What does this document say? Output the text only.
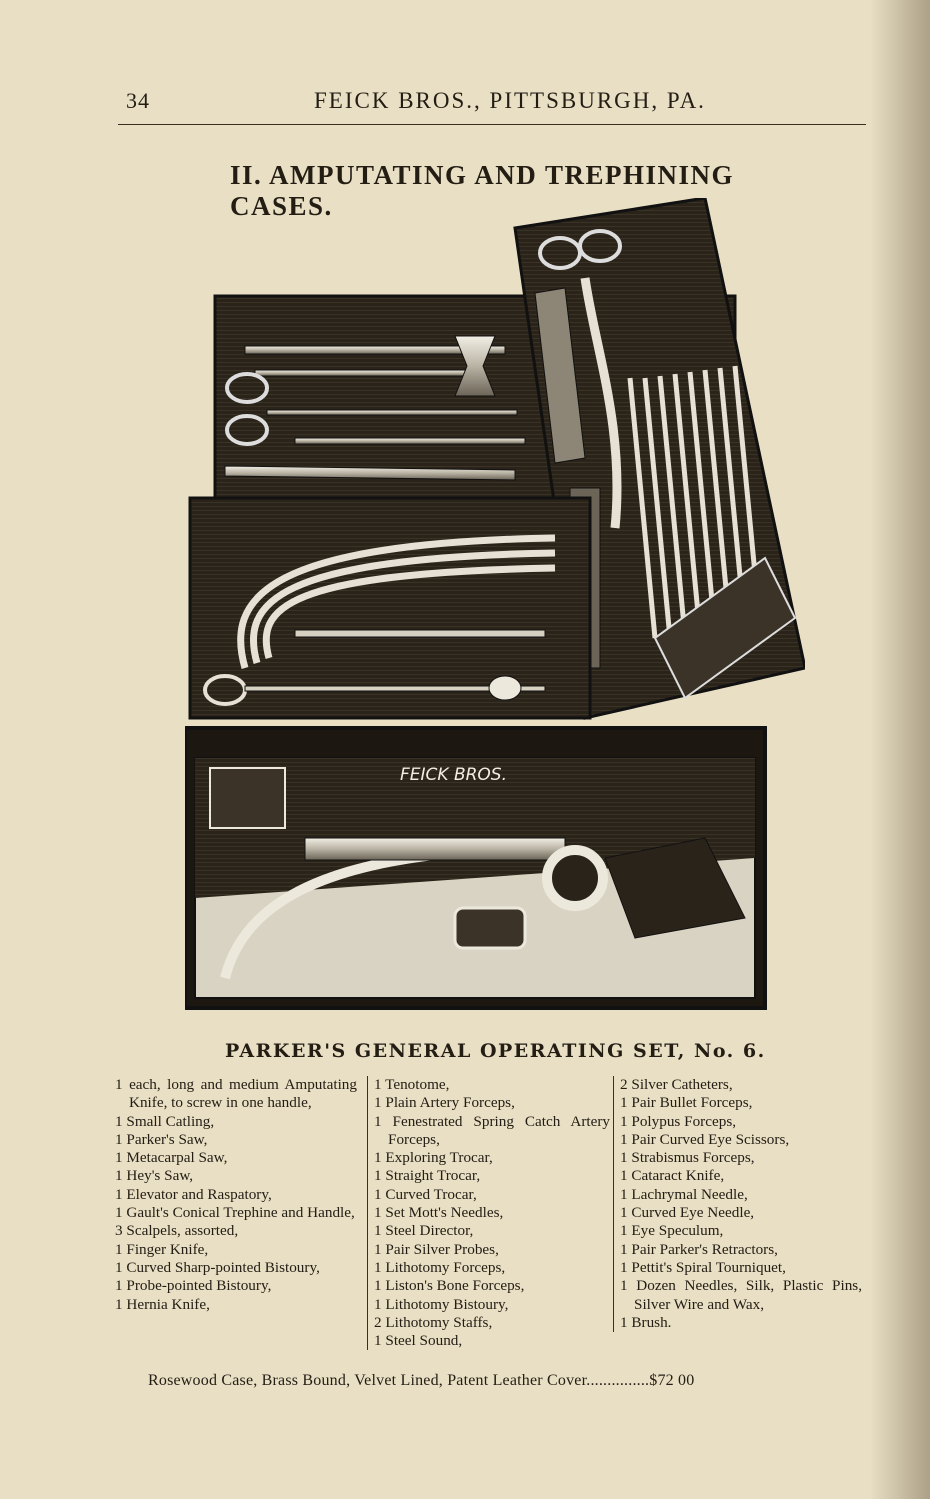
34	FEICK BROS., PITTSBURGH, PA.
II. AMPUTATING AND TREPHINING CASES.
FEICK BROS.
PARKER'S GENERAL OPERATING SET, No. 6.
1 each, long and medium Amputating Knife, to screw in one handle,
1 Small Catling,
1 Parker's Saw,
1 Metacarpal Saw,
1 Hey's Saw,
1 Elevator and Raspatory,
1 Gault's Conical Trephine and Handle,
3 Scalpels, assorted,
1 Finger Knife,
1 Curved Sharp-pointed Bistoury,
1 Probe-pointed Bistoury,
1 Hernia Knife,
1 Tenotome,
1 Plain Artery Forceps,
1 Fenestrated Spring Catch Artery Forceps,
1 Exploring Trocar,
1 Straight Trocar,
1 Curved Trocar,
1 Set Mott's Needles,
1 Steel Director,
1 Pair Silver Probes,
1 Lithotomy Forceps,
1 Liston's Bone Forceps,
1 Lithotomy Bistoury,
2 Lithotomy Staffs,
1 Steel Sound,
2 Silver Catheters,
1 Pair Bullet Forceps,
1 Polypus Forceps,
1 Pair Curved Eye Scissors,
1 Strabismus Forceps,
1 Cataract Knife,
1 Lachrymal Needle,
1 Curved Eye Needle,
1 Eye Speculum,
1 Pair Parker's Retractors,
1 Pettit's Spiral Tourniquet,
1 Dozen Needles, Silk, Plastic Pins, Silver Wire and Wax,
1 Brush.
Rosewood Case, Brass Bound, Velvet Lined, Patent Leather Cover...............$72 00
